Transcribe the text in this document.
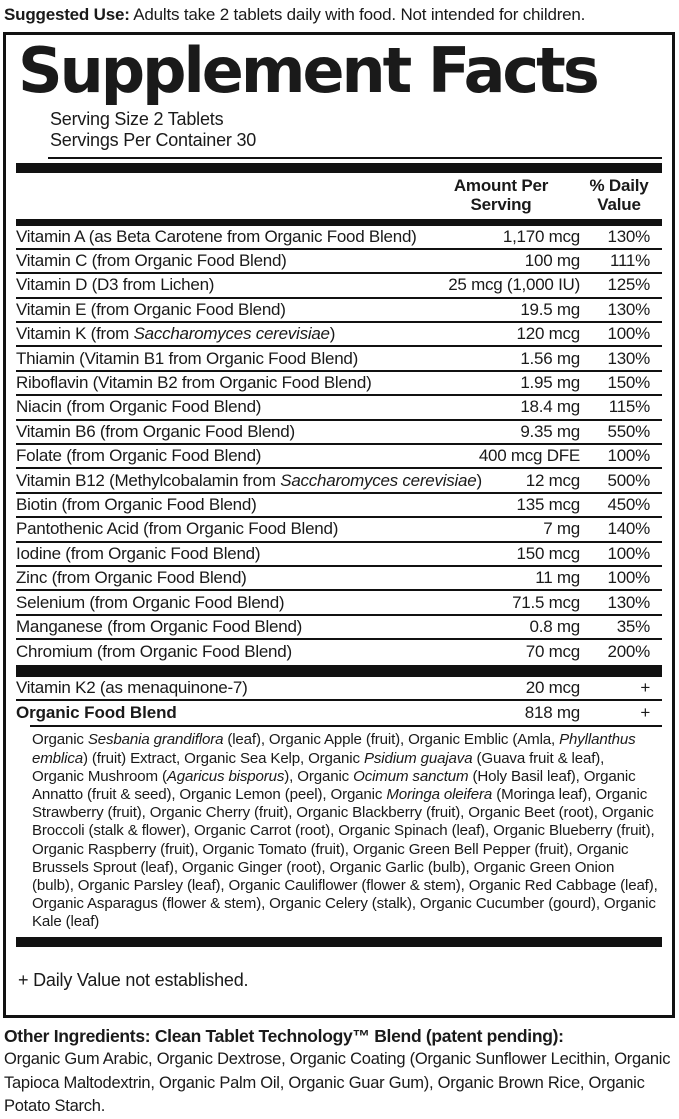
Suggested Use: Adults take 2 tablets daily with food. Not intended for children.

Supplement Facts

Serving Size 2 Tablets

Servings Per Container 30

Amount Per
Serving
% Daily
Value
Vitamin A (as Beta Carotene from Organic Food Blend)	1,170 mcg	130%
Vitamin C (from Organic Food Blend)	100 mg	111%
Vitamin D (D3 from Lichen)	25 mcg (1,000 IU)	125%
Vitamin E (from Organic Food Blend)	19.5 mg	130%
Vitamin K (from Saccharomyces cerevisiae)	120 mcg	100%
Thiamin (Vitamin B1 from Organic Food Blend)	1.56 mg	130%
Riboflavin (Vitamin B2 from Organic Food Blend)	1.95 mg	150%
Niacin (from Organic Food Blend)	18.4 mg	115%
Vitamin B6 (from Organic Food Blend)	9.35 mg	550%
Folate (from Organic Food Blend)	400 mcg DFE	100%
Vitamin B12 (Methylcobalamin from Saccharomyces cerevisiae)	12 mcg	500%
Biotin (from Organic Food Blend)	135 mcg	450%
Pantothenic Acid (from Organic Food Blend)	7 mg	140%
Iodine (from Organic Food Blend)	150 mcg	100%
Zinc (from Organic Food Blend)	11 mg	100%
Selenium (from Organic Food Blend)	71.5 mcg	130%
Manganese (from Organic Food Blend)	0.8 mg	35%
Chromium (from Organic Food Blend)	70 mcg	200%
Vitamin K2 (as menaquinone-7)	20 mcg	+
Organic Food Blend	818 mg	+

Organic Sesbania grandiflora (leaf), Organic Apple (fruit), Organic Emblic (Amla, Phyllanthus emblica) (fruit) Extract, Organic Sea Kelp, Organic Psidium guajava (Guava fruit & leaf), Organic Mushroom (Agaricus bisporus), Organic Ocimum sanctum (Holy Basil leaf), Organic Annatto (fruit & seed), Organic Lemon (peel), Organic Moringa oleifera (Moringa leaf), Organic Strawberry (fruit), Organic Cherry (fruit), Organic Blackberry (fruit), Organic Beet (root), Organic Broccoli (stalk & flower), Organic Carrot (root), Organic Spinach (leaf), Organic Blueberry (fruit), Organic Raspberry (fruit), Organic Tomato (fruit), Organic Green Bell Pepper (fruit), Organic Brussels Sprout (leaf), Organic Ginger (root), Organic Garlic (bulb), Organic Green Onion (bulb), Organic Parsley (leaf), Organic Cauliflower (flower & stem), Organic Red Cabbage (leaf), Organic Asparagus (flower & stem), Organic Celery (stalk), Organic Cucumber (gourd), Organic Kale (leaf)

+ Daily Value not established.

Other Ingredients: Clean Tablet Technology™ Blend (patent pending):
Organic Gum Arabic, Organic Dextrose, Organic Coating (Organic Sunflower Lecithin, Organic Tapioca Maltodextrin, Organic Palm Oil, Organic Guar Gum), Organic Brown Rice, Organic Potato Starch.
